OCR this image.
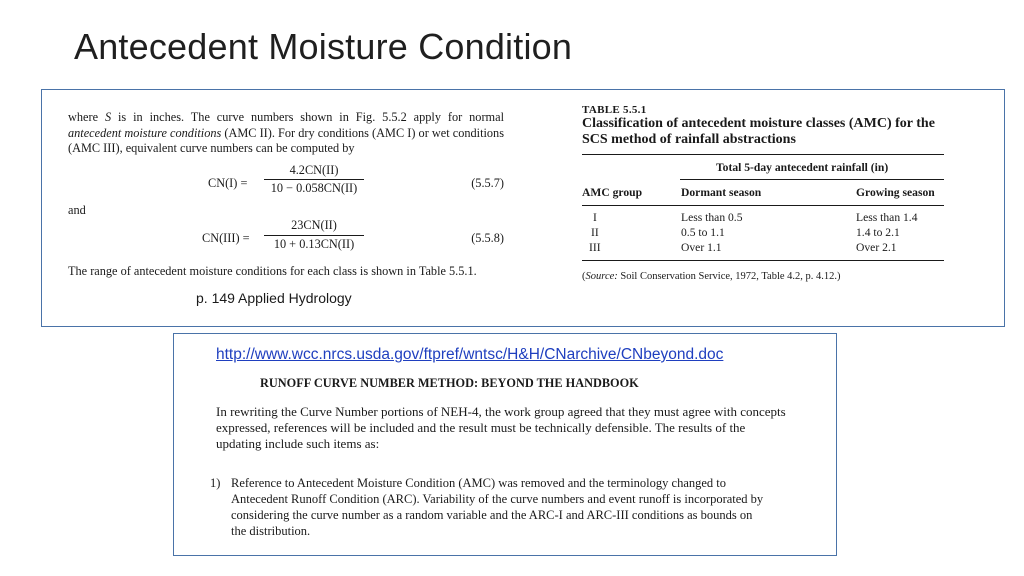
Antecedent Moisture Condition

where S is in inches. The curve numbers shown in Fig. 5.5.2 apply for normal antecedent moisture conditions (AMC II). For dry conditions (AMC I) or wet conditions (AMC III), equivalent curve numbers can be computed by

$CN(I) = \frac{4.2CN(II)}{10 - 0.058CN(II)}$	(5.5.7)

and

$CN(III) = \frac{23CN(II)}{10 + 0.13CN(II)}$	(5.5.8)

The range of antecedent moisture conditions for each class is shown in Table 5.5.1.

p. 149 Applied Hydrology
TABLE 5.5.1
Classification of antecedent moisture classes (AMC) for the SCS method of rainfall abstractions
Total 5-day antecedent rainfall (in)
AMC group	Dormant season	Growing season
I	Less than 0.5	Less than 1.4
II	0.5 to 1.1	1.4 to 2.1
III	Over 1.1	Over 2.1
(Source: Soil Conservation Service, 1972, Table 4.2, p. 4.12.)
http://www.wcc.nrcs.usda.gov/ftpref/wntsc/H&H/CNarchive/CNbeyond.doc
RUNOFF CURVE NUMBER METHOD: BEYOND THE HANDBOOK

In rewriting the Curve Number portions of NEH-4, the work group agreed that they must agree with concepts expressed, references will be included and the result must be technically defensible. The results of the updating include such items as:

1) Reference to Antecedent Moisture Condition (AMC) was removed and the terminology changed to Antecedent Runoff Condition (ARC). Variability of the curve numbers and event runoff is incorporated by considering the curve number as a random variable and the ARC-I and ARC-III conditions as bounds on the distribution.
